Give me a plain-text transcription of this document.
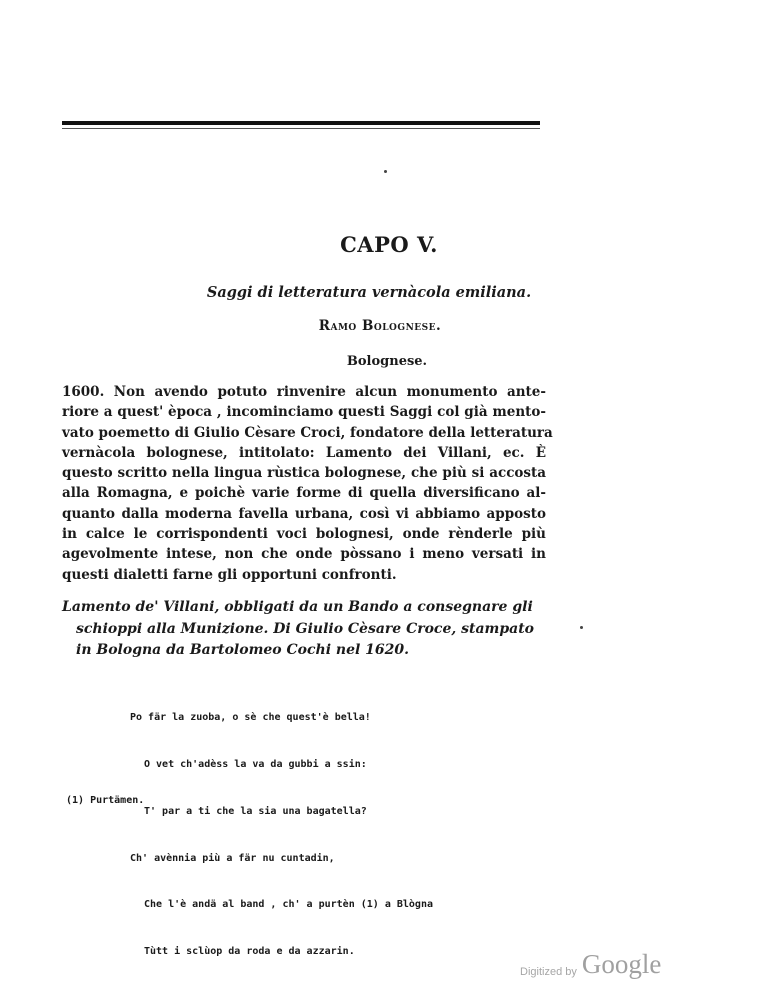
CAPO V.
Saggi di letteratura vernàcola emiliana.
Ramo Bolognese.
Bolognese.
1600. Non avendo potuto rinvenire alcun monumento ante-
riore a quest' època , incominciamo questi Saggi col già mento-
vato poemetto di Giulio Cèsare Croci, fondatore della letteratura
vernàcola bolognese, intitolato: Lamento dei Villani, ec. È
questo scritto nella lingua rùstica bolognese, che più si accosta
alla Romagna, e poichè varie forme di quella diversificano al-
quanto dalla moderna favella urbana, così vi abbiamo apposto
in calce le corrispondenti voci bolognesi, onde rènderle più
agevolmente intese, non che onde pòssano i meno versati in
questi dialetti farne gli opportuni confronti.
Lamento de' Villani, obbligati da un Bando a consegnare gli
schioppi alla Munizione. Di Giulio Cèsare Croce, stampato
in Bologna da Bartolomeo Cochi nel 1620.

Po fär la zuoba, o sè che quest'è bella!

O vet ch'adèss la va da gubbi a ssin:

T' par a ti che la sia una bagatella?

Ch' avènnia più a fär nu cuntadin,

Che l'è andä al band , ch' a purtèn (1) a Blògna

Tùtt i sclùop da roda e da azzarin.

(1) Purtämen.
Digitized by Google
